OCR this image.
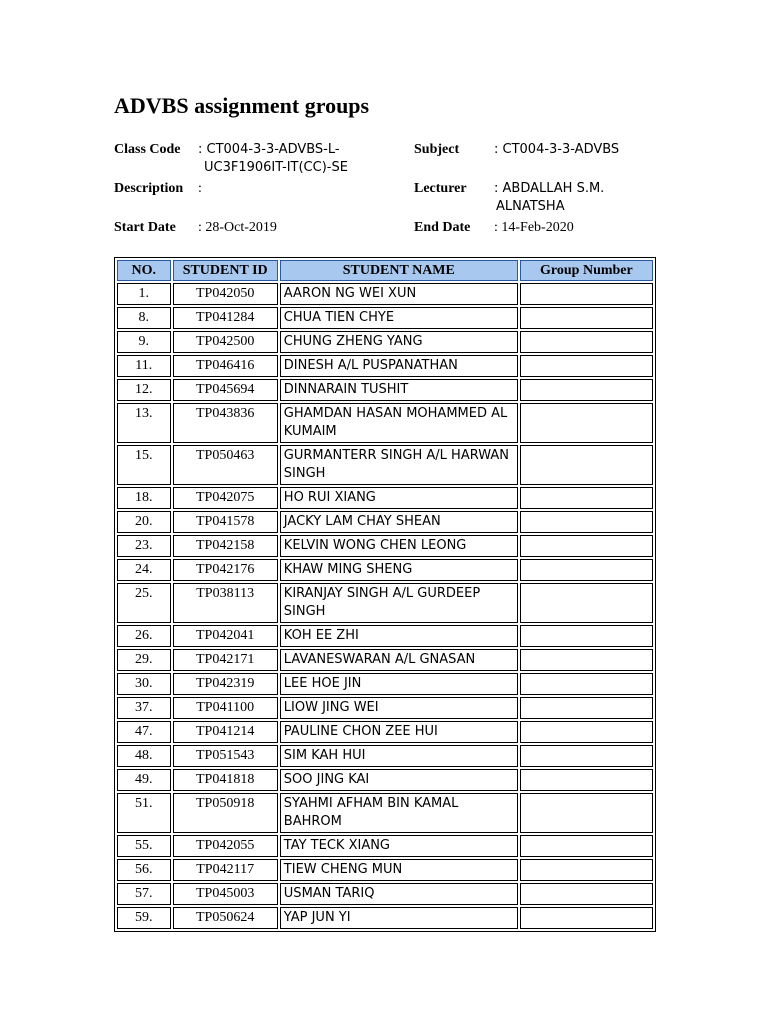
ADVBS assignment groups
Class Code : CT004-3-3-ADVBS-L-
UC3F1906IT-IT(CC)-SE
Description :
Start Date : 28-Oct-2019
Subject	: CT004-3-3-ADVBS
Lecturer : ABDALLAH S.M.
ALNATSHA
End Date : 14-Feb-2020
NO.	STUDENT ID	STUDENT NAME	Group Number
1.	TP042050	AARON NG WEI XUN	
8.	TP041284	CHUA TIEN CHYE	
9.	TP042500	CHUNG ZHENG YANG	
11.	TP046416	DINESH A/L PUSPANATHAN	
12.	TP045694	DINNARAIN TUSHIT	
13.	TP043836	GHAMDAN HASAN MOHAMMED AL KUMAIM	
15.	TP050463	GURMANTERR SINGH A/L HARWAN SINGH	
18.	TP042075	HO RUI XIANG	
20.	TP041578	JACKY LAM CHAY SHEAN	
23.	TP042158	KELVIN WONG CHEN LEONG	
24.	TP042176	KHAW MING SHENG	
25.	TP038113	KIRANJAY SINGH A/L GURDEEP SINGH	
26.	TP042041	KOH EE ZHI	
29.	TP042171	LAVANESWARAN A/L GNASAN	
30.	TP042319	LEE HOE JIN	
37.	TP041100	LIOW JING WEI	
47.	TP041214	PAULINE CHON ZEE HUI	
48.	TP051543	SIM KAH HUI	
49.	TP041818	SOO JING KAI	
51.	TP050918	SYAHMI AFHAM BIN KAMAL BAHROM	
55.	TP042055	TAY TECK XIANG	
56.	TP042117	TIEW CHENG MUN	
57.	TP045003	USMAN TARIQ	
59.	TP050624	YAP JUN YI	
